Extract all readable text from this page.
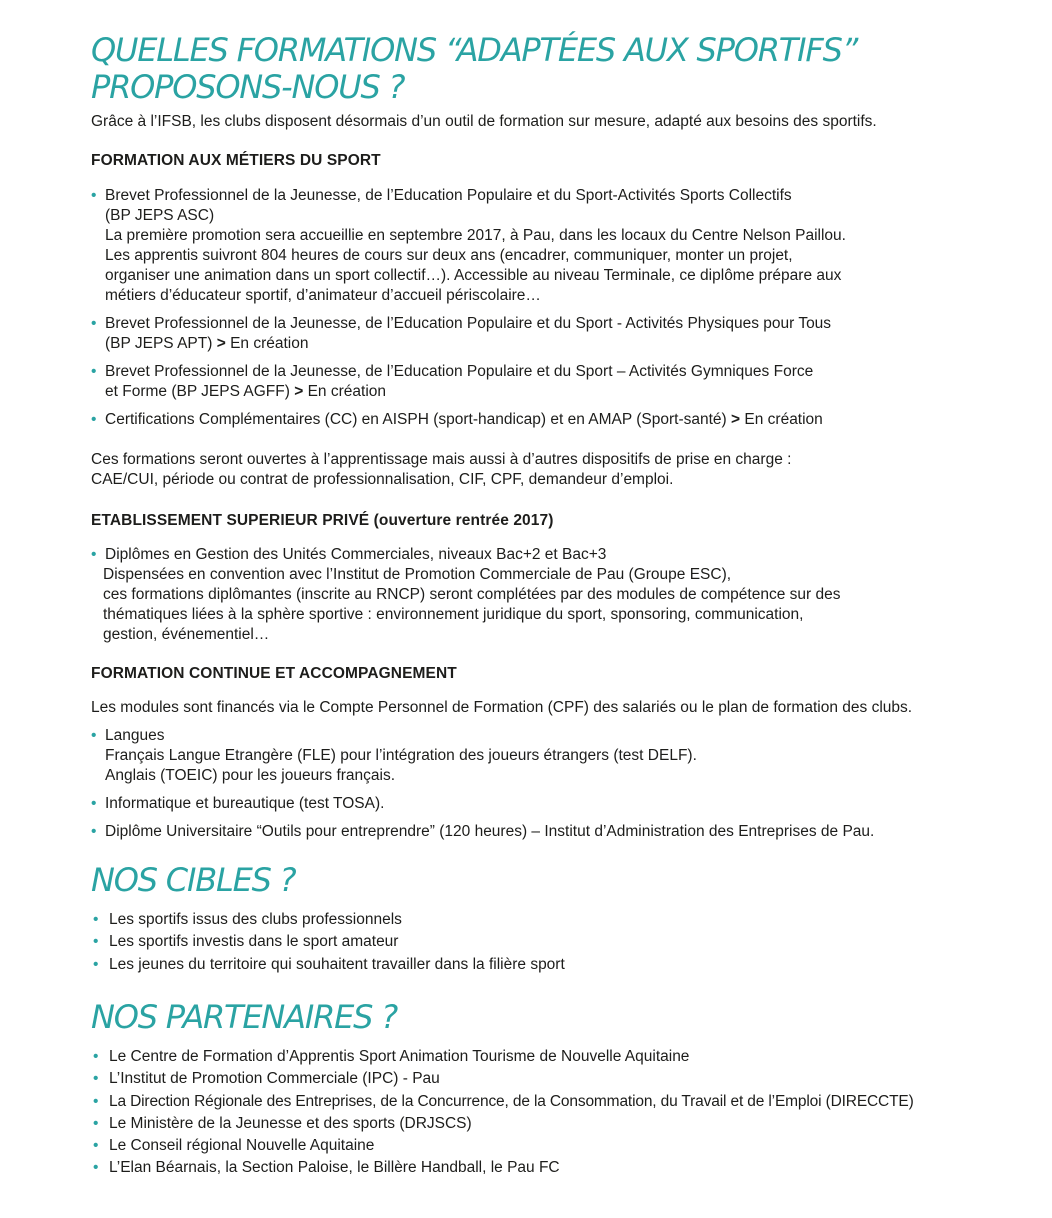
QUELLES FORMATIONS “ADAPTÉES AUX SPORTIFS”
PROPOSONS-NOUS ?

Grâce à l’IFSB, les clubs disposent désormais d’un outil de formation sur mesure, adapté aux besoins des sportifs.

FORMATION AUX MÉTIERS DU SPORT
• Brevet Professionnel de la Jeunesse, de l’Education Populaire et du Sport-Activités Sports Collectifs
(BP JEPS ASC)
La première promotion sera accueillie en septembre 2017, à Pau, dans les locaux du Centre Nelson Paillou.
Les apprentis suivront 804 heures de cours sur deux ans (encadrer, communiquer, monter un projet,
organiser une animation dans un sport collectif…). Accessible au niveau Terminale, ce diplôme prépare aux
métiers d’éducateur sportif, d’animateur d’accueil périscolaire…
• Brevet Professionnel de la Jeunesse, de l’Education Populaire et du Sport - Activités Physiques pour Tous
(BP JEPS APT) > En création
• Brevet Professionnel de la Jeunesse, de l’Education Populaire et du Sport – Activités Gymniques Force
et Forme (BP JEPS AGFF) > En création
• Certifications Complémentaires (CC) en AISPH (sport-handicap) et en AMAP (Sport-santé) > En création

Ces formations seront ouvertes à l’apprentissage mais aussi à d’autres dispositifs de prise en charge :
CAE/CUI, période ou contrat de professionnalisation, CIF, CPF, demandeur d’emploi.

ETABLISSEMENT SUPERIEUR PRIVÉ (ouverture rentrée 2017)
• Diplômes en Gestion des Unités Commerciales, niveaux Bac+2 et Bac+3
Dispensées en convention avec l’Institut de Promotion Commerciale de Pau (Groupe ESC),
ces formations diplômantes (inscrite au RNCP) seront complétées par des modules de compétence sur des
thématiques liées à la sphère sportive : environnement juridique du sport, sponsoring, communication,
gestion, événementiel…
FORMATION CONTINUE ET ACCOMPAGNEMENT

Les modules sont financés via le Compte Personnel de Formation (CPF) des salariés ou le plan de formation des clubs.

• Langues
Français Langue Etrangère (FLE) pour l’intégration des joueurs étrangers (test DELF).
Anglais (TOEIC) pour les joueurs français.
• Informatique et bureautique (test TOSA).
• Diplôme Universitaire “Outils pour entreprendre” (120 heures) – Institut d’Administration des Entreprises de Pau.
NOS CIBLES ?
• Les sportifs issus des clubs professionnels
• Les sportifs investis dans le sport amateur
• Les jeunes du territoire qui souhaitent travailler dans la filière sport
NOS PARTENAIRES ?
• Le Centre de Formation d’Apprentis Sport Animation Tourisme de Nouvelle Aquitaine
• L’Institut de Promotion Commerciale (IPC) - Pau
• La Direction Régionale des Entreprises, de la Concurrence, de la Consommation, du Travail et de l’Emploi (DIRECCTE)
• Le Ministère de la Jeunesse et des sports (DRJSCS)
• Le Conseil régional Nouvelle Aquitaine
• L’Elan Béarnais, la Section Paloise, le Billère Handball, le Pau FC
